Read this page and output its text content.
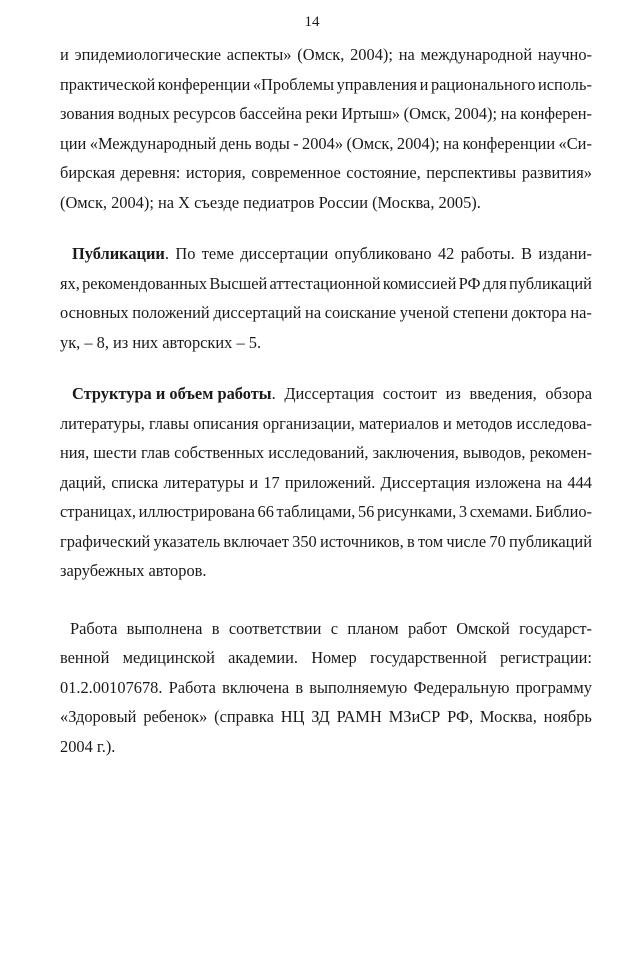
14
и эпидемиологические аспекты» (Омск, 2004); на международной научно-
практической конференции «Проблемы управления и рационального исполь-
зования водных ресурсов бассейна реки Иртыш» (Омск, 2004); на конферен-
ции «Международный день воды - 2004» (Омск, 2004); на конференции «Си-
бирская деревня: история, современное состояние, перспективы развития»
(Омск, 2004); на X съезде педиатров России (Москва, 2005).
Публикации. По теме диссертации опубликовано 42 работы. В издани-
ях, рекомендованных Высшей аттестационной комиссией РФ для публикаций
основных положений диссертаций на соискание ученой степени доктора на-
ук, – 8, из них авторских – 5.
Структура и объем работы. Диссертация состоит из введения, обзора
литературы, главы описания организации, материалов и методов исследова-
ния, шести глав собственных исследований, заключения, выводов, рекомен-
даций, списка литературы и 17 приложений. Диссертация изложена на 444
страницах, иллюстрирована 66 таблицами, 56 рисунками, 3 схемами. Библио-
графический указатель включает 350 источников, в том числе 70 публикаций
зарубежных авторов.
Работа выполнена в соответствии с планом работ Омской государст-
венной медицинской академии. Номер государственной регистрации:
01.2.00107678. Работа включена в выполняемую Федеральную программу
«Здоровый ребенок» (справка НЦ ЗД РАМН МЗиСР РФ, Москва, ноябрь
2004 г.).
